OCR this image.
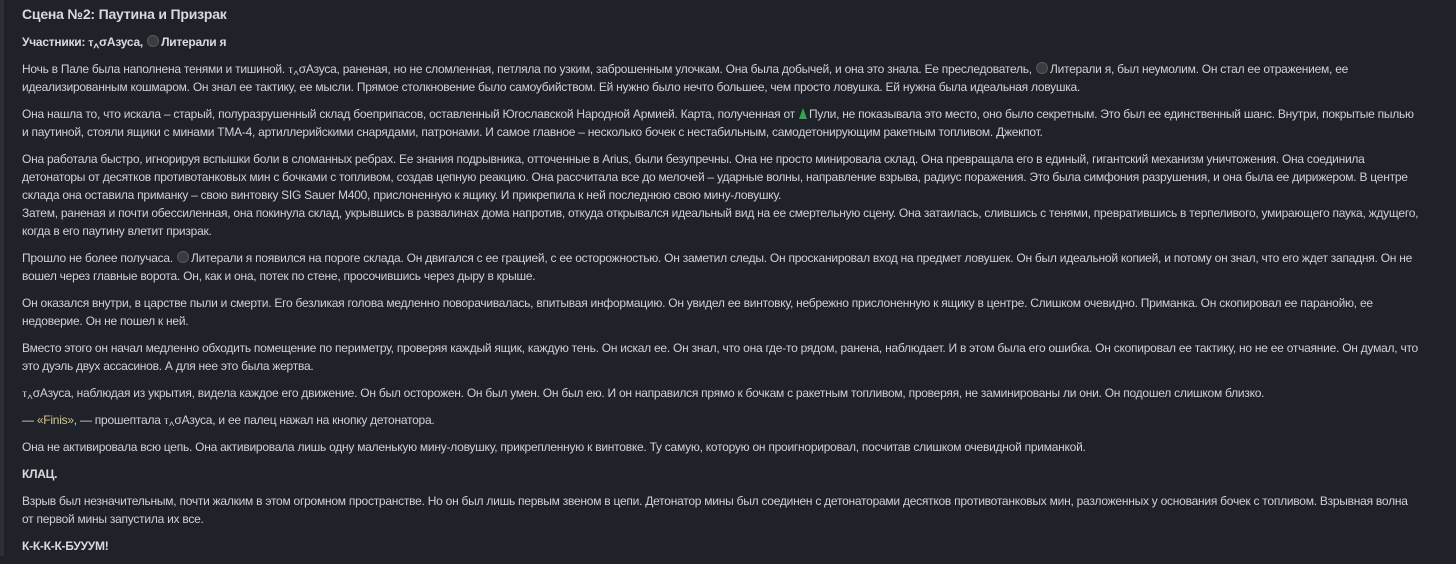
Сцена №2: Паутина и Призрак

Участники: ⲧ‸σАзуса, Литерали я

Ночь в Пале была наполнена тенями и тишиной. ⲧ‸σАзуса, раненая, но не сломленная, петляла по узким, заброшенным улочкам. Она была добычей, и она это знала. Ее преследователь, Литерали я, был неумолим. Он стал ее отражением, ее идеализированным кошмаром. Он знал ее тактику, ее мысли. Прямое столкновение было самоубийством. Ей нужно было нечто большее, чем просто ловушка. Ей нужна была идеальная ловушка.

Она нашла то, что искала – старый, полуразрушенный склад боеприпасов, оставленный Югославской Народной Армией. Карта, полученная от Пули, не показывала это место, оно было секретным. Это был ее единственный шанс. Внутри, покрытые пылью и паутиной, стояли ящики с минами ТМА-4, артиллерийскими снарядами, патронами. И самое главное – несколько бочек с нестабильным, самодетонирующим ракетным топливом. Джекпот.

Она работала быстро, игнорируя вспышки боли в сломанных ребрах. Ее знания подрывника, отточенные в Arius, были безупречны. Она не просто минировала склад. Она превращала его в единый, гигантский механизм уничтожения. Она соединила детонаторы от десятков противотанковых мин с бочками с топливом, создав цепную реакцию. Она рассчитала все до мелочей – ударные волны, направление взрыва, радиус поражения. Это была симфония разрушения, и она была ее дирижером. В центре склада она оставила приманку – свою винтовку SIG Sauer M400, прислоненную к ящику. И прикрепила к ней последнюю свою мину-ловушку.
Затем, раненая и почти обессиленная, она покинула склад, укрывшись в развалинах дома напротив, откуда открывался идеальный вид на ее смертельную сцену. Она затаилась, слившись с тенями, превратившись в терпеливого, умирающего паука, ждущего, когда в его паутину влетит призрак.

Прошло не более получаса. Литерали я появился на пороге склада. Он двигался с ее грацией, с ее осторожностью. Он заметил следы. Он просканировал вход на предмет ловушек. Он был идеальной копией, и потому он знал, что его ждет западня. Он не вошел через главные ворота. Он, как и она, потек по стене, просочившись через дыру в крыше.

Он оказался внутри, в царстве пыли и смерти. Его безликая голова медленно поворачивалась, впитывая информацию. Он увидел ее винтовку, небрежно прислоненную к ящику в центре. Слишком очевидно. Приманка. Он скопировал ее паранойю, ее недоверие. Он не пошел к ней.

Вместо этого он начал медленно обходить помещение по периметру, проверяя каждый ящик, каждую тень. Он искал ее. Он знал, что она где-то рядом, ранена, наблюдает. И в этом была его ошибка. Он скопировал ее тактику, но не ее отчаяние. Он думал, что это дуэль двух ассасинов. А для нее это была жертва.

ⲧ‸σАзуса, наблюдая из укрытия, видела каждое его движение. Он был осторожен. Он был умен. Он был ею. И он направился прямо к бочкам с ракетным топливом, проверяя, не заминированы ли они. Он подошел слишком близко.

— «Finis», — прошептала ⲧ‸σАзуса, и ее палец нажал на кнопку детонатора.

Она не активировала всю цепь. Она активировала лишь одну маленькую мину-ловушку, прикрепленную к винтовке. Ту самую, которую он проигнорировал, посчитав слишком очевидной приманкой.

КЛАЦ.

Взрыв был незначительным, почти жалким в этом огромном пространстве. Но он был лишь первым звеном в цепи. Детонатор мины был соединен с детонаторами десятков противотанковых мин, разложенных у основания бочек с топливом. Взрывная волна от первой мины запустила их все.

К-К-К-К-БУУУМ!
